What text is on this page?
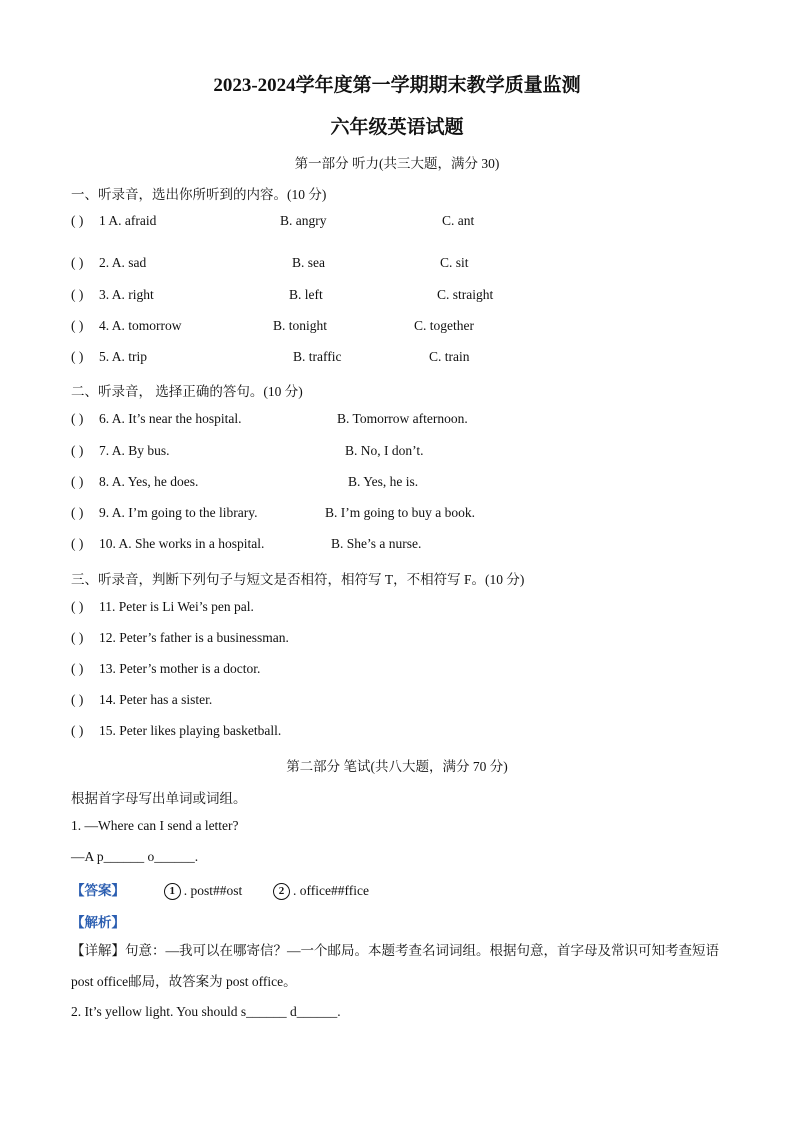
2023-2024学年度第一学期期末教学质量监测
六年级英语试题
第一部分 听力(共三大题，满分 30)
一、听录音，选出你所听到的内容。(10 分)
( ) 1 A. afraid	B. angry	C. ant
( ) 2. A. sad	B. sea	C. sit
( ) 3. A. right	B. left	C. straight
( ) 4. A. tomorrow	B. tonight	C. together
( ) 5. A. trip	B. traffic	C. train
二、听录音， 选择正确的答句。(10 分)
( ) 6. A. It’s near the hospital.	B. Tomorrow afternoon.
( ) 7. A. By bus.	B. No, I don’t.
( ) 8. A. Yes, he does.	B. Yes, he is.
( ) 9. A. I’m going to the library.	B. I’m going to buy a book.
( ) 10. A. She works in a hospital.	B. She’s a nurse.
三、听录音，判断下列句子与短文是否相符，相符写 T，不相符写 F。(10 分)
( ) 11. Peter is Li Wei’s pen pal.
( ) 12. Peter’s father is a businessman.
( ) 13. Peter’s mother is a doctor.
( ) 14. Peter has a sister.
( ) 15. Peter likes playing basketball.
第二部分 笔试(共八大题，满分 70 分)
根据首字母写出单词或词组。
1. —Where can I send a letter?
—A p______ o______.
【答案】	1 . post##ost	2 . office##ffice
【解析】
【详解】句意：—我可以在哪寄信？—一个邮局。本题考查名词词组。根据句意，首字母及常识可知考查短语 post office邮局，故答案为 post office。
2. It’s yellow light. You should s______ d______.
